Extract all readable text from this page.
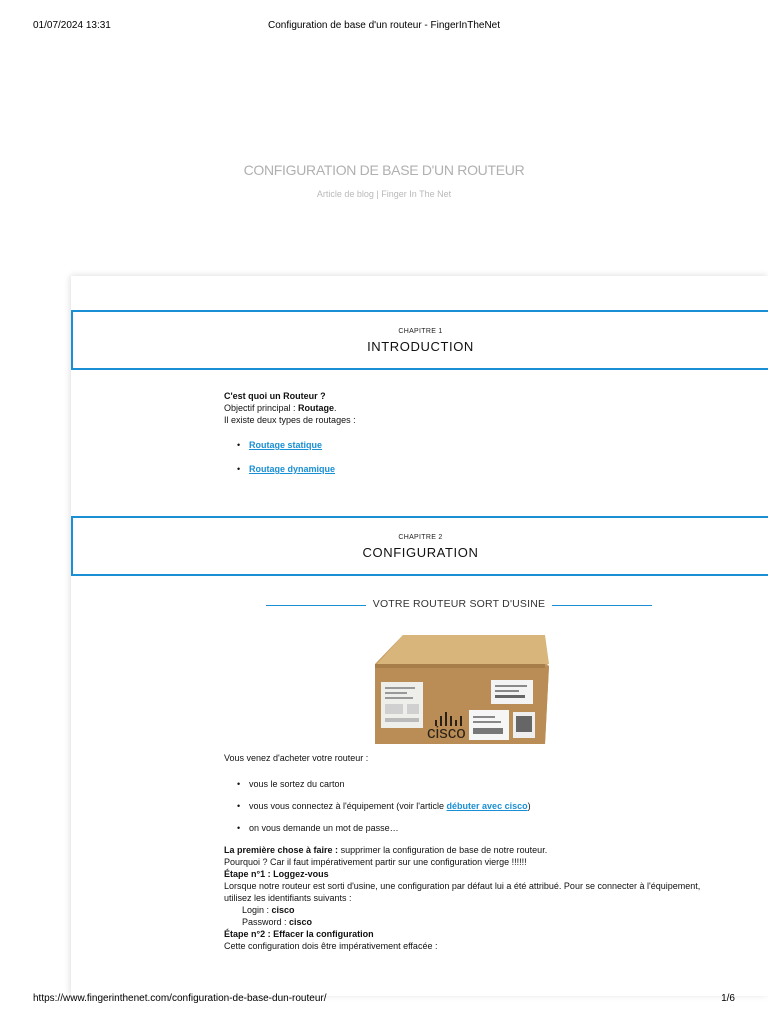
01/07/2024 13:31	Configuration de base d'un routeur - FingerInTheNet
CONFIGURATION DE BASE D'UN ROUTEUR
Article de blog | Finger In The Net
CHAPITRE 1
INTRODUCTION
C'est quoi un Routeur ?
Objectif principal : Routage.
Il existe deux types de routages :
• Routage statique
• Routage dynamique
CHAPITRE 2
CONFIGURATION
VOTRE ROUTEUR SORT D'USINE
cisco
Vous venez d'acheter votre routeur :
• vous le sortez du carton
• vous vous connectez à l'équipement (voir l'article débuter avec cisco)
• on vous demande un mot de passe…
La première chose à faire : supprimer la configuration de base de notre routeur.
Pourquoi ? Car il faut impérativement partir sur une configuration vierge !!!!!!
Étape n°1 : Loggez-vous
Lorsque notre routeur est sorti d'usine, une configuration par défaut lui a été attribué. Pour se connecter à l'équipement, utilisez les identifiants suivants :
Login : cisco
Password : cisco
Étape n°2 : Effacer la configuration
Cette configuration dois être impérativement effacée :
https://www.fingerinthenet.com/configuration-de-base-dun-routeur/	1/6
